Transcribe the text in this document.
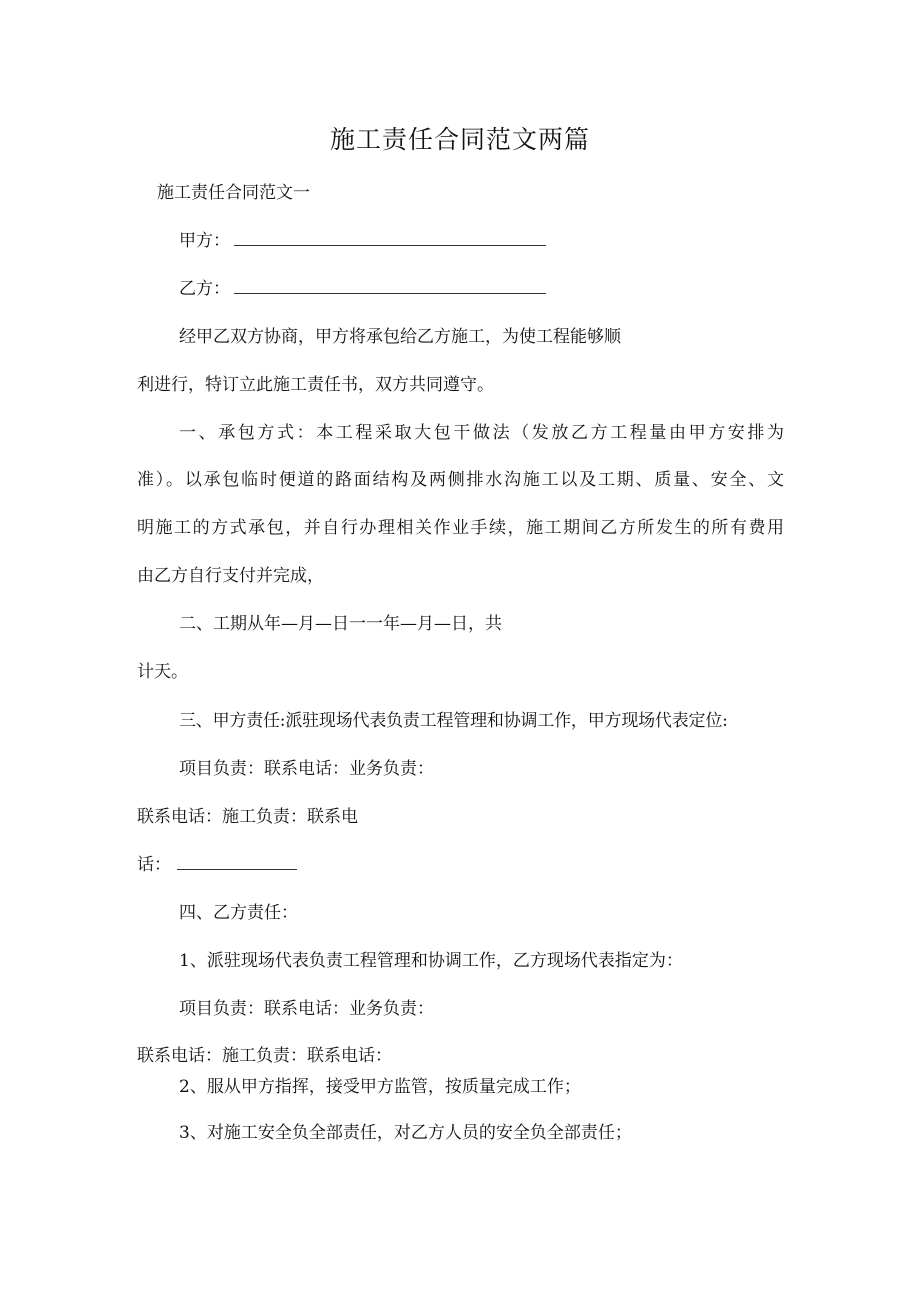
施工责任合同范文两篇
施工责任合同范文一
甲方：
乙方：
经甲乙双方协商，甲方将承包给乙方施工，为使工程能够顺
利进行，特订立此施工责任书，双方共同遵守。
一、承包方式：本工程采取大包干做法（发放乙方工程量由甲方安排为
准）。以承包临时便道的路面结构及两侧排水沟施工以及工期、质量、安全、文
明施工的方式承包，并自行办理相关作业手续，施工期间乙方所发生的所有费用
由乙方自行支付并完成，
二、工期从年—月—日一一年—月—日，共
计天。
三、甲方责任:派驻现场代表负责工程管理和协调工作，甲方现场代表定位:
项目负责：联系电话：业务负责：
联系电话：施工负责：联系电
话：
四、乙方责任：
1、派驻现场代表负责工程管理和协调工作，乙方现场代表指定为：
项目负责：联系电话：业务负责：
联系电话：施工负责：联系电话：
2、服从甲方指挥，接受甲方监管，按质量完成工作；
3、对施工安全负全部责任，对乙方人员的安全负全部责任；
